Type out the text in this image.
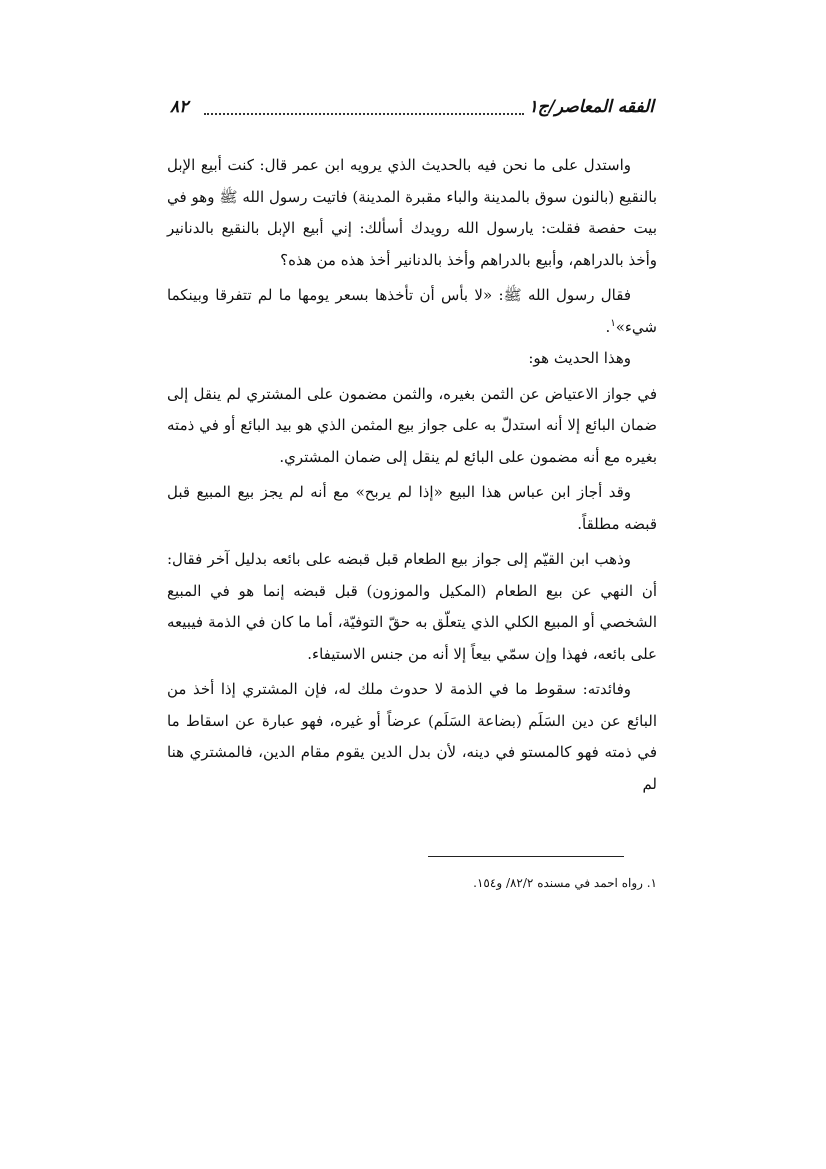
الفقه المعاصر/ج١
٨٢

واستدل على ما نحن فيه بالحديث الذي يرويه ابن عمر قال: كنت أبيع الإبل بالنقيع (بالنون سوق بالمدينة والباء مقبرة المدينة) فاتيت رسول الله ﷺ وهو في بيت حفصة فقلت: يارسول الله رويدك أسألك: إني أبيع الإبل بالنقيع بالدنانير وأخذ بالدراهم، وأبيع بالدراهم وأخذ بالدنانير أخذ هذه من هذه؟

فقال رسول الله ﷺ: «لا بأس أن تأخذها بسعر يومها ما لم تتفرقا وبينكما شيء»$^١$.

وهذا الحديث هو:

في جواز الاعتياض عن الثمن بغيره، والثمن مضمون على المشتري لم ينقل إلى ضمان البائع إلا أنه استدلّ به على جواز بيع المثمن الذي هو بيد البائع أو في ذمته بغيره مع أنه مضمون على البائع لم ينقل إلى ضمان المشتري.

وقد أجاز ابن عباس هذا البيع «إذا لم يربح» مع أنه لم يجز بيع المبيع قبل قبضه مطلقاً.

وذهب ابن القيّم إلى جواز بيع الطعام قبل قبضه على بائعه بدليل آخر فقال: أن النهي عن بيع الطعام (المكيل والموزون) قبل قبضه إنما هو في المبيع الشخصي أو المبيع الكلي الذي يتعلّق به حقّ التوفيّة، أما ما كان في الذمة فيبيعه على بائعه، فهذا وإن سمّي بيعاً إلا أنه من جنس الاستيفاء.

وفائدته: سقوط ما في الذمة لا حدوث ملك له، فإن المشتري إذا أخذ من البائع عن دين السَلَم (بضاعة السَلَم) عرضاً أو غيره، فهو عبارة عن اسقاط ما في ذمته فهو كالمستو في دينه، لأن بدل الدين يقوم مقام الدين، فالمشتري هنا لم

١. رواه احمد في مسنده ٨٢/٢/ و١٥٤.
